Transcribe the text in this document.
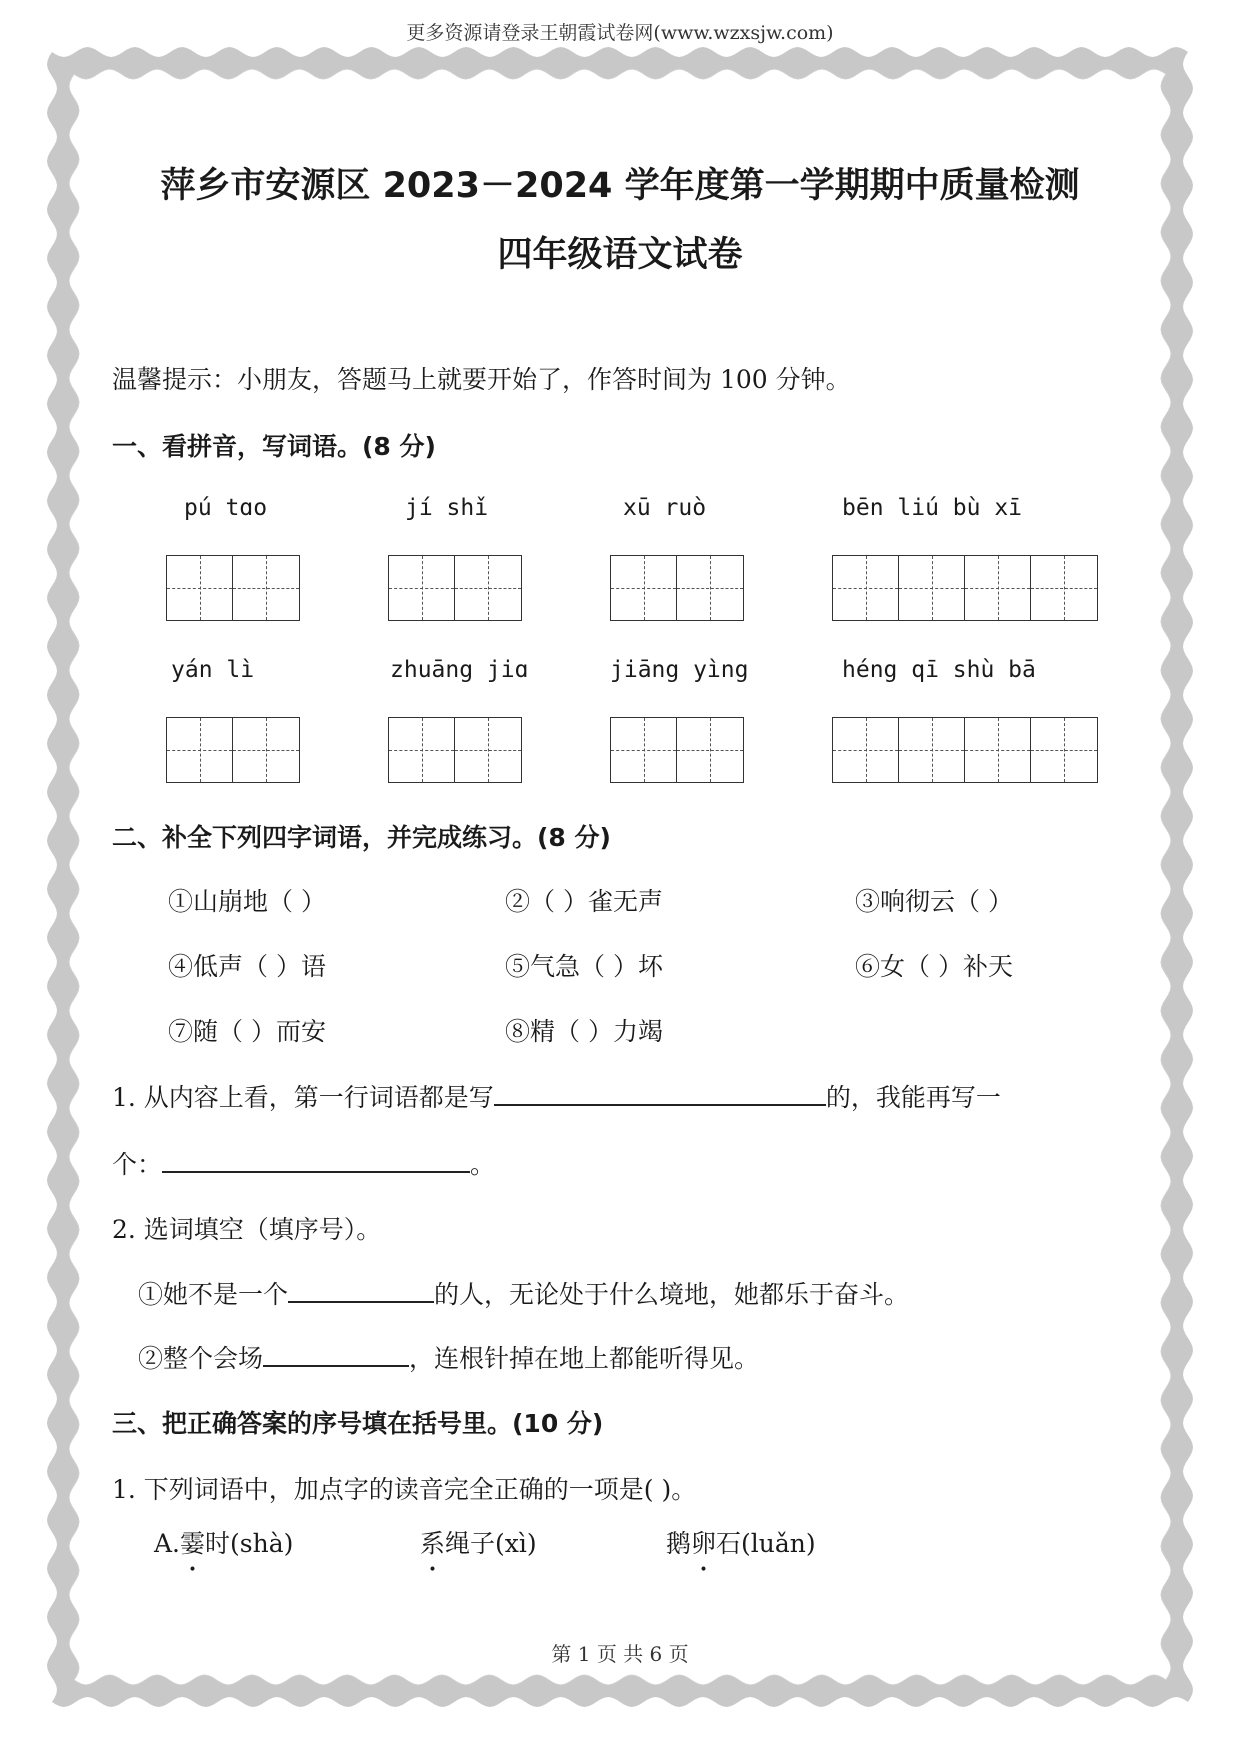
更多资源请登录王朝霞试卷网(www.wzxsjw.com)
萍乡市安源区 2023－2024 学年度第一学期期中质量检测
四年级语文试卷
温馨提示：小朋友，答题马上就要开始了，作答时间为 100 分钟。
一、看拼音，写词语。(8 分)
pú tɑo	jí shǐ	xū ruò	bēn liú bù xī
yán lì	zhuāng jiɑ	jiāng yìng	héng qī shù bā
二、补全下列四字词语，并完成练习。(8 分)
①山崩地（ ）	②（ ）雀无声	③响彻云（ ）
④低声（ ）语	⑤气急（ ）坏	⑥女（ ）补天
⑦随（ ）而安	⑧精（ ）力竭
1. 从内容上看，第一行词语都是写	的，我能再写一
个：	。
2. 选词填空（填序号）。
①她不是一个	的人，无论处于什么境地，她都乐于奋斗。
②整个会场	，连根针掉在地上都能听得见。
三、把正确答案的序号填在括号里。(10 分)
1. 下列词语中，加点字的读音完全正确的一项是( )。
A.霎时(shà)	系绳子(xì)	鹅卵石(luǎn)
第 1 页 共 6 页
